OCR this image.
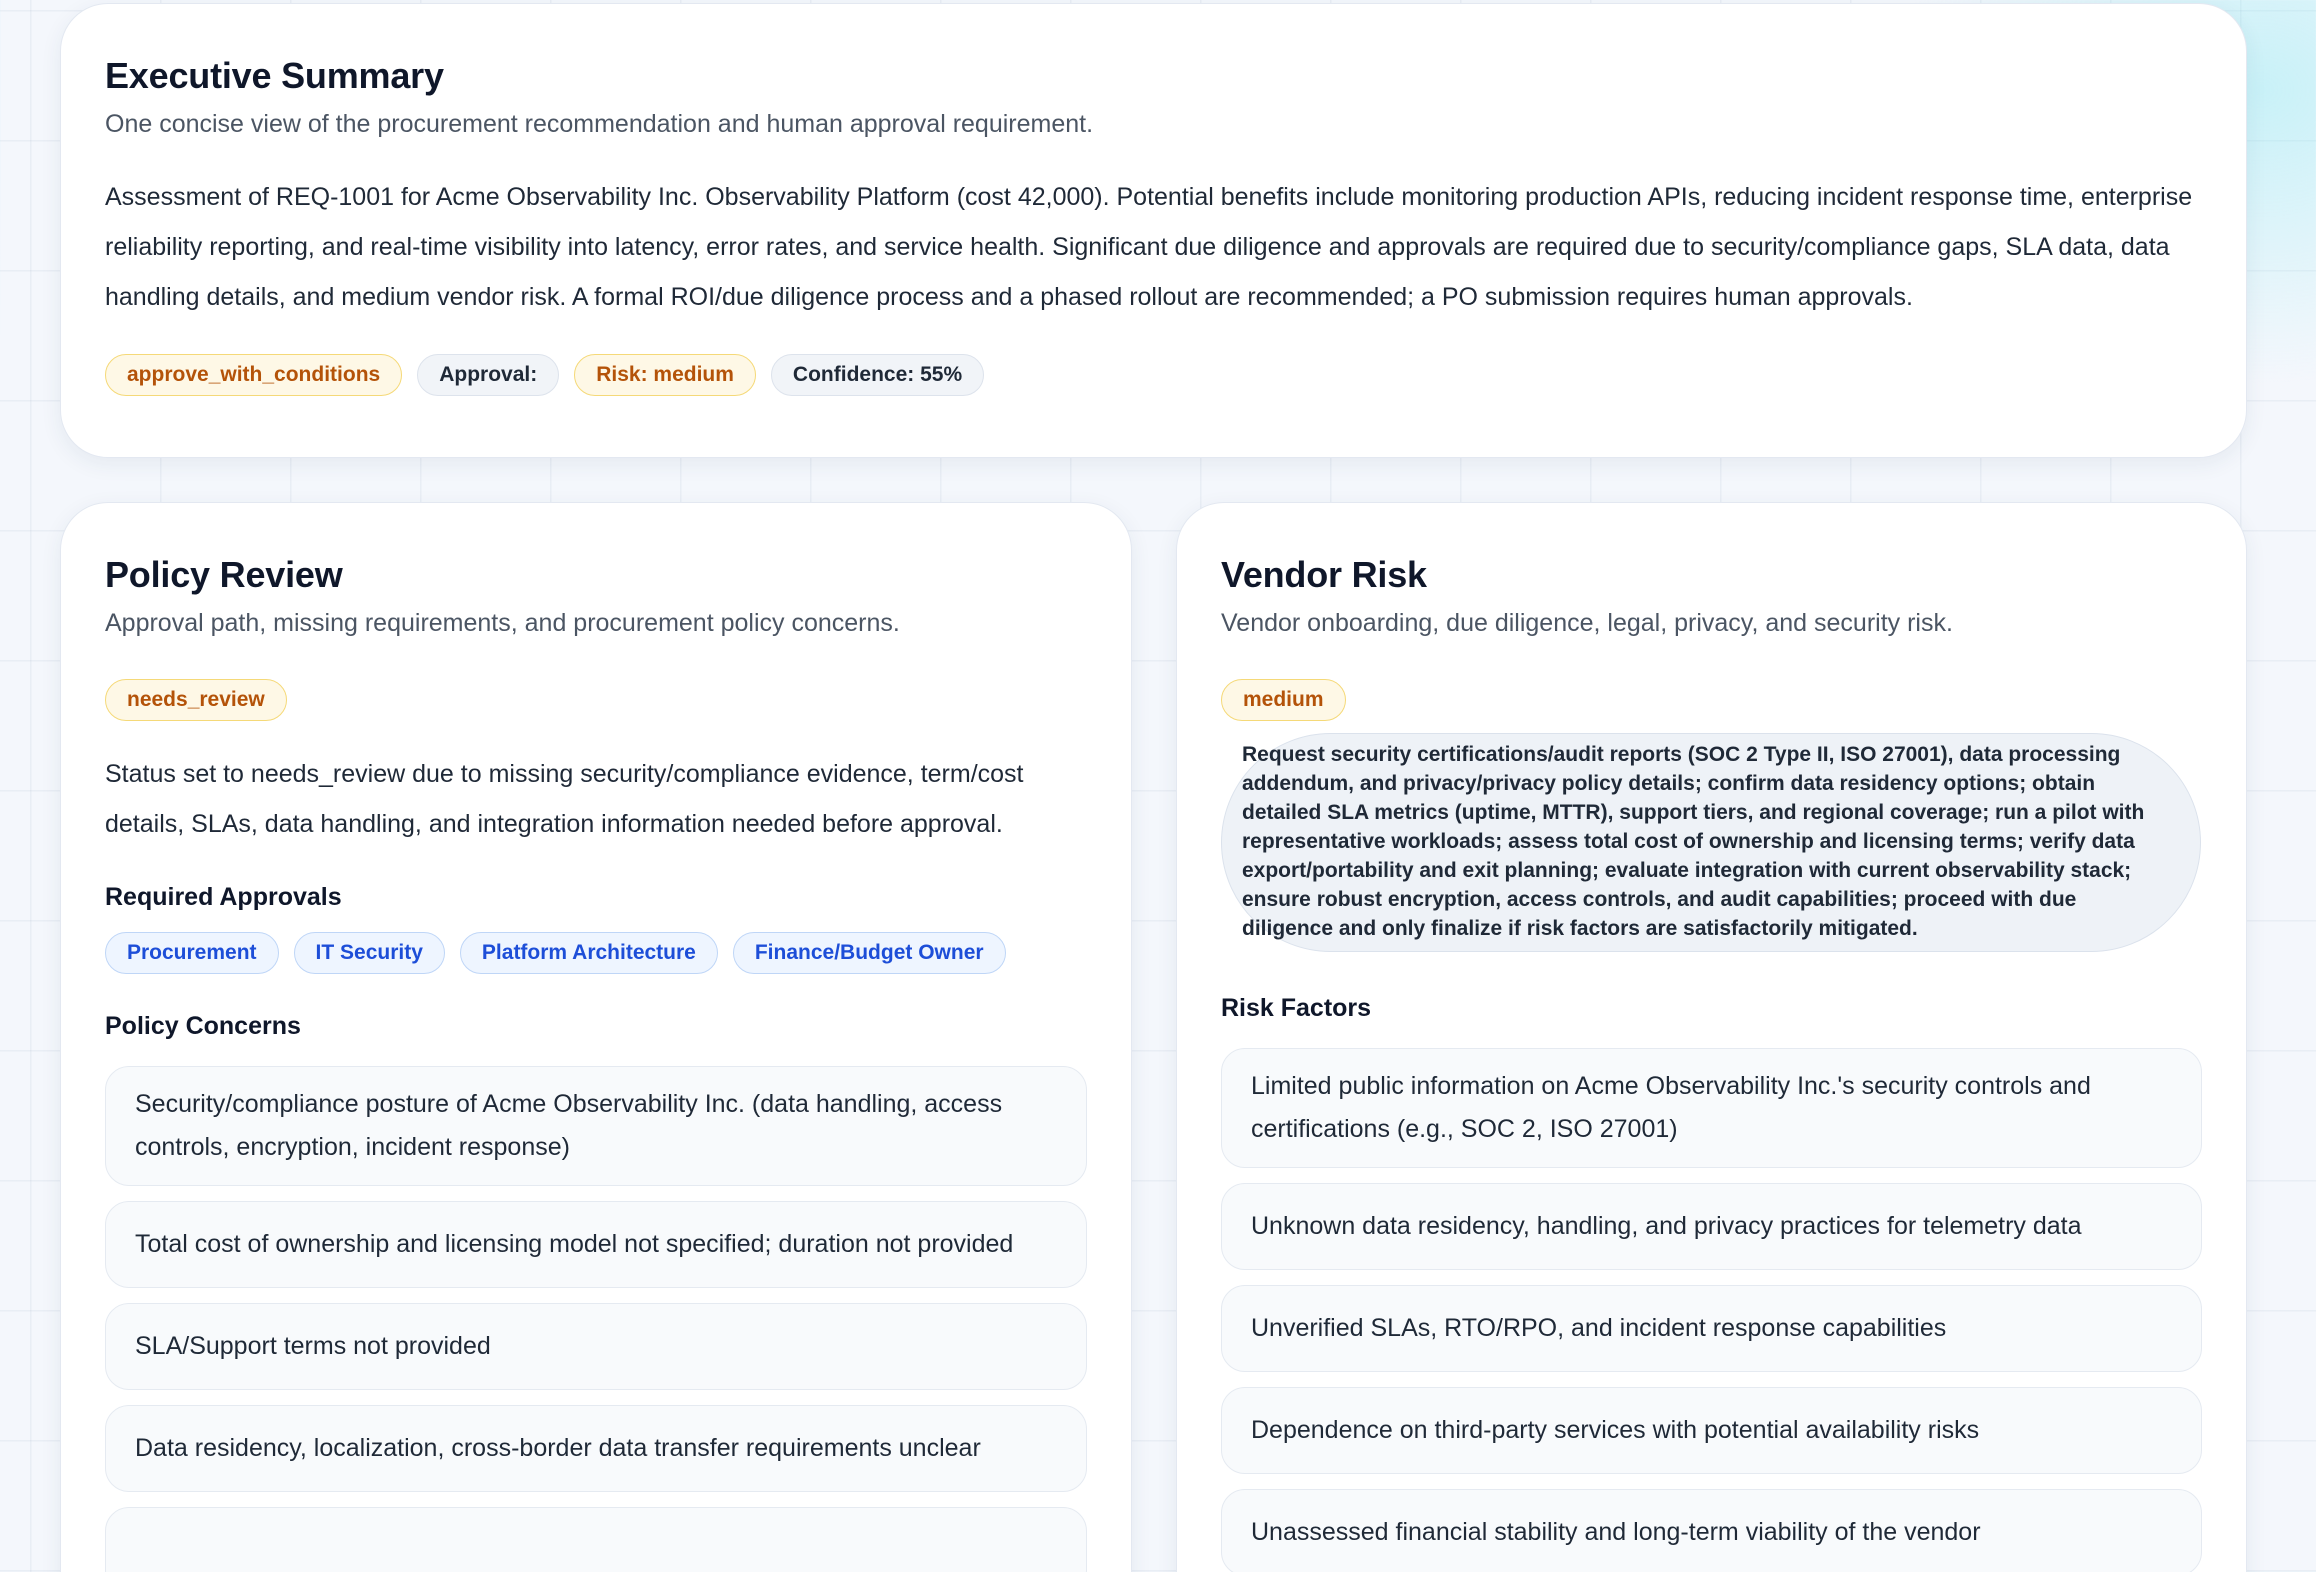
Executive Summary

One concise view of the procurement recommendation and human approval requirement.

Assessment of REQ-1001 for Acme Observability Inc. Observability Platform (cost 42,000). Potential benefits include monitoring production APIs, reducing incident response time, enterprise reliability reporting, and real-time visibility into latency, error rates, and service health. Significant due diligence and approvals are required due to security/compliance gaps, SLA data, data handling details, and medium vendor risk. A formal ROI/due diligence process and a phased rollout are recommended; a PO submission requires human approvals.

approve_with_conditions	Approval:	Risk: medium	Confidence: 55%
Policy Review

Approval path, missing requirements, and procurement policy concerns.

needs_review

Status set to needs_review due to missing security/compliance evidence, term/cost details, SLAs, data handling, and integration information needed before approval.

Required Approvals
Procurement	IT Security	Platform Architecture	Finance/Budget Owner
Policy Concerns
Security/compliance posture of Acme Observability Inc. (data handling, access controls, encryption, incident response)
Total cost of ownership and licensing model not specified; duration not provided
SLA/Support terms not provided
Data residency, localization, cross-border data transfer requirements unclear

Vendor Risk

Vendor onboarding, due diligence, legal, privacy, and security risk.

medium
Request security certifications/audit reports (SOC 2 Type II, ISO 27001), data processing addendum, and privacy/privacy policy details; confirm data residency options; obtain detailed SLA metrics (uptime, MTTR), support tiers, and regional coverage; run a pilot with representative workloads; assess total cost of ownership and licensing terms; verify data export/portability and exit planning; evaluate integration with current observability stack; ensure robust encryption, access controls, and audit capabilities; proceed with due diligence and only finalize if risk factors are satisfactorily mitigated.
Risk Factors
Limited public information on Acme Observability Inc.'s security controls and certifications (e.g., SOC 2, ISO 27001)
Unknown data residency, handling, and privacy practices for telemetry data
Unverified SLAs, RTO/RPO, and incident response capabilities
Dependence on third-party services with potential availability risks
Unassessed financial stability and long-term viability of the vendor
